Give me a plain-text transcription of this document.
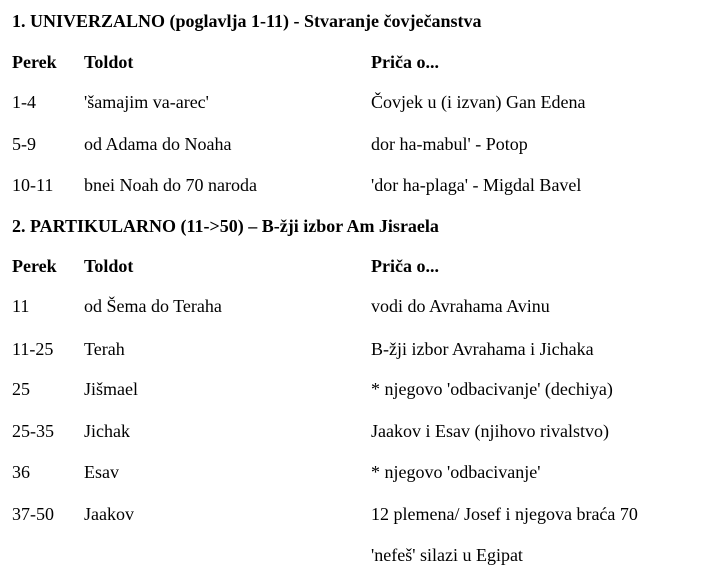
1. UNIVERZALNO (poglavlja 1-11) - Stvaranje čovječanstva
Perek Toldot	Priča o...
1-4	'šamajim va-arec'	Čovjek u (i izvan) Gan Edena
5-9	od Adama do Noaha	dor ha-mabul' - Potop
10-11 bnei Noah do 70 naroda	'dor ha-plaga' - Migdal Bavel
2. PARTIKULARNO (11->50) – B-žji izbor Am Jisraela
Perek Toldot	Priča o...
11	od Šema do Teraha	vodi do Avrahama Avinu
11-25 Terah	B-žji izbor Avrahama i Jichaka
25	Jišmael	* njegovo 'odbacivanje' (dechiya)
25-35 Jichak	Jaakov i Esav (njihovo rivalstvo)
36	Esav	* njegovo 'odbacivanje'
37-50 Jaakov	12 plemena/ Josef i njegova braća 70
'nefeš' silazi u Egipat
